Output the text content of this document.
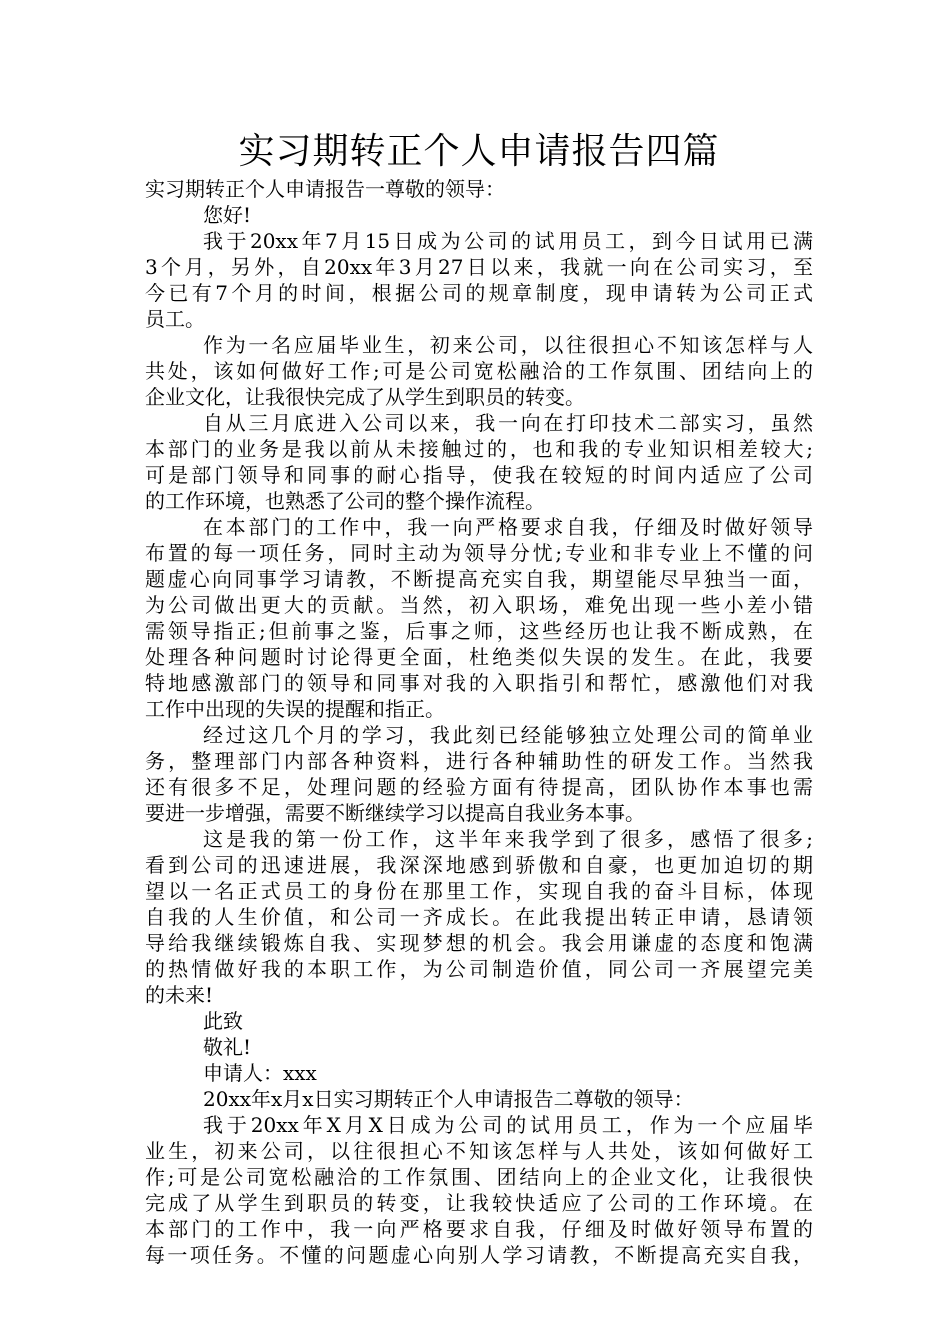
实习期转正个人申请报告四篇

实习期转正个人申请报告一尊敬的领导：

您好!

我于20xx年7月15日成为公司的试用员工，到今日试用已满

3个月，另外，自20xx年3月27日以来，我就一向在公司实习，至

今已有7个月的时间，根据公司的规章制度，现申请转为公司正式

员工。

作为一名应届毕业生，初来公司，以往很担心不知该怎样与人

共处，该如何做好工作;可是公司宽松融洽的工作氛围、团结向上的

企业文化，让我很快完成了从学生到职员的转变。

自从三月底进入公司以来，我一向在打印技术二部实习，虽然

本部门的业务是我以前从未接触过的，也和我的专业知识相差较大;

可是部门领导和同事的耐心指导，使我在较短的时间内适应了公司

的工作环境，也熟悉了公司的整个操作流程。

在本部门的工作中，我一向严格要求自我，仔细及时做好领导

布置的每一项任务，同时主动为领导分忧;专业和非专业上不懂的问

题虚心向同事学习请教，不断提高充实自我，期望能尽早独当一面，

为公司做出更大的贡献。当然，初入职场，难免出现一些小差小错

需领导指正;但前事之鉴，后事之师，这些经历也让我不断成熟，在

处理各种问题时讨论得更全面，杜绝类似失误的发生。在此，我要

特地感激部门的领导和同事对我的入职指引和帮忙，感激他们对我

工作中出现的失误的提醒和指正。

经过这几个月的学习，我此刻已经能够独立处理公司的简单业

务，整理部门内部各种资料，进行各种辅助性的研发工作。当然我

还有很多不足，处理问题的经验方面有待提高，团队协作本事也需

要进一步增强，需要不断继续学习以提高自我业务本事。

这是我的第一份工作，这半年来我学到了很多，感悟了很多;

看到公司的迅速进展，我深深地感到骄傲和自豪，也更加迫切的期

望以一名正式员工的身份在那里工作，实现自我的奋斗目标，体现

自我的人生价值，和公司一齐成长。在此我提出转正申请，恳请领

导给我继续锻炼自我、实现梦想的机会。我会用谦虚的态度和饱满

的热情做好我的本职工作，为公司制造价值，同公司一齐展望完美

的未来!

此致

敬礼!

申请人：xxx

20xx年x月x日实习期转正个人申请报告二尊敬的领导：

我于20xx年X月X日成为公司的试用员工，作为一个应届毕

业生，初来公司，以往很担心不知该怎样与人共处，该如何做好工

作;可是公司宽松融洽的工作氛围、团结向上的企业文化，让我很快

完成了从学生到职员的转变，让我较快适应了公司的工作环境。在

本部门的工作中，我一向严格要求自我，仔细及时做好领导布置的

每一项任务。不懂的问题虚心向别人学习请教，不断提高充实自我，
